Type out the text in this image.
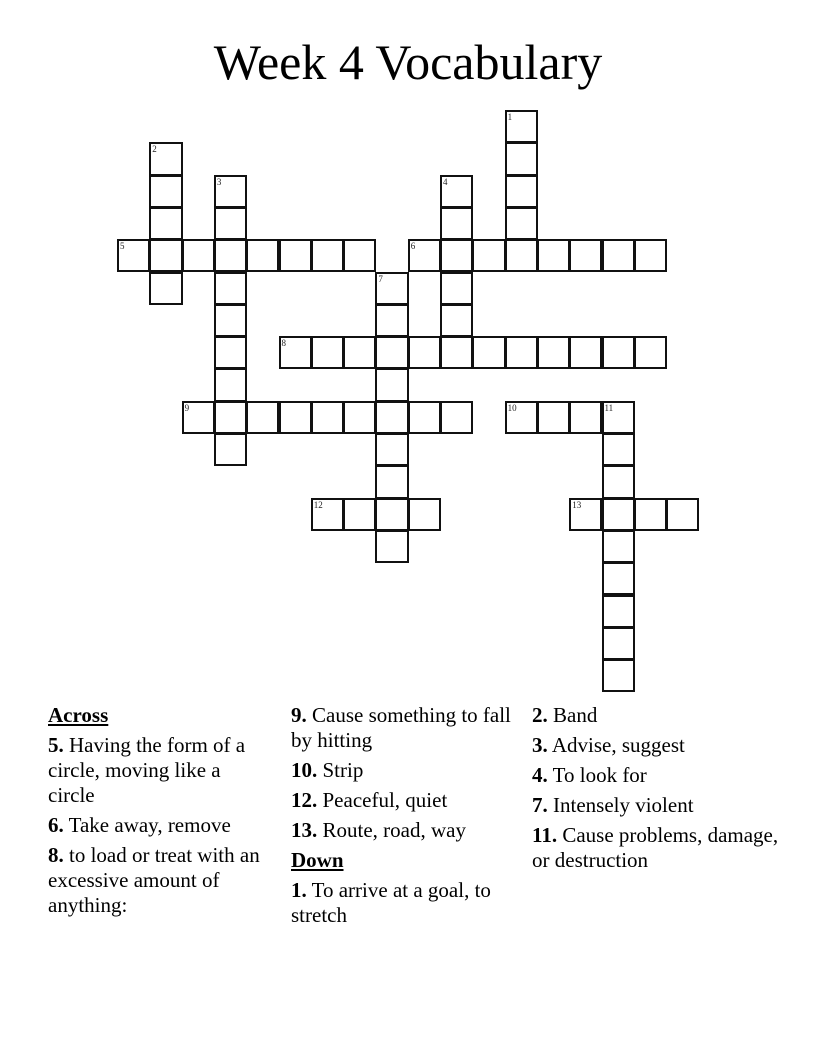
Week 4 Vocabulary
1
2
3	4
5	6
7
8
9	10	11
12	13
Across
5. Having the form of a circle, moving like a circle
6. Take away, remove
8. to load or treat with an excessive amount of anything:
9. Cause something to fall by hitting
10. Strip
12. Peaceful, quiet
13. Route, road, way
Down
1. To arrive at a goal, to stretch
2. Band
3. Advise, suggest
4. To look for
7. Intensely violent
11. Cause problems, damage, or destruction
